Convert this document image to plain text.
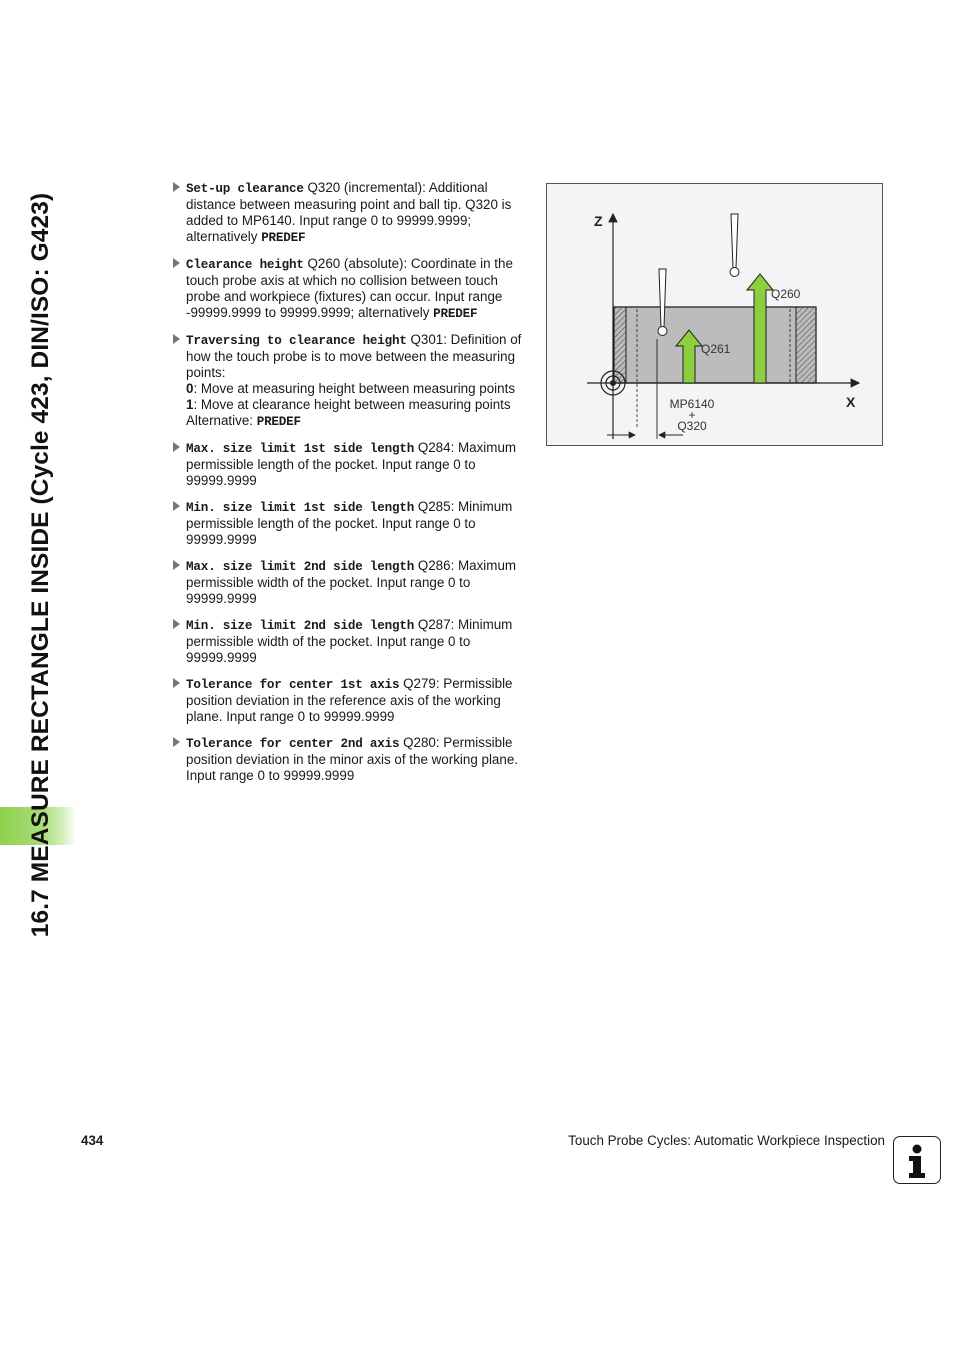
16.7 MEASURE RECTANGLE INSIDE (Cycle 423, DIN/ISO: G423)
Set-up clearance Q320 (incremental): Additional distance between measuring point and ball tip. Q320 is added to MP6140. Input range 0 to 99999.9999; alternatively PREDEF
Clearance height Q260 (absolute): Coordinate in the touch probe axis at which no collision between touch probe and workpiece (fixtures) can occur. Input range -99999.9999 to 99999.9999; alternatively PREDEF
Traversing to clearance height Q301: Definition of how the touch probe is to move between the measuring points:
0: Move at measuring height between measuring points
1: Move at clearance height between measuring points
Alternative: PREDEF
Max. size limit 1st side length Q284: Maximum permissible length of the pocket. Input range 0 to 99999.9999
Min. size limit 1st side length Q285: Minimum permissible length of the pocket. Input range 0 to 99999.9999
Max. size limit 2nd side length Q286: Maximum permissible width of the pocket. Input range 0 to 99999.9999
Min. size limit 2nd side length Q287: Minimum permissible width of the pocket. Input range 0 to 99999.9999
Tolerance for center 1st axis Q279: Permissible position deviation in the reference axis of the working plane. Input range 0 to 99999.9999
Tolerance for center 2nd axis Q280: Permissible position deviation in the minor axis of the working plane. Input range 0 to 99999.9999
Z
X
Q260
Q261
MP6140
+
Q320
434	Touch Probe Cycles: Automatic Workpiece Inspection
